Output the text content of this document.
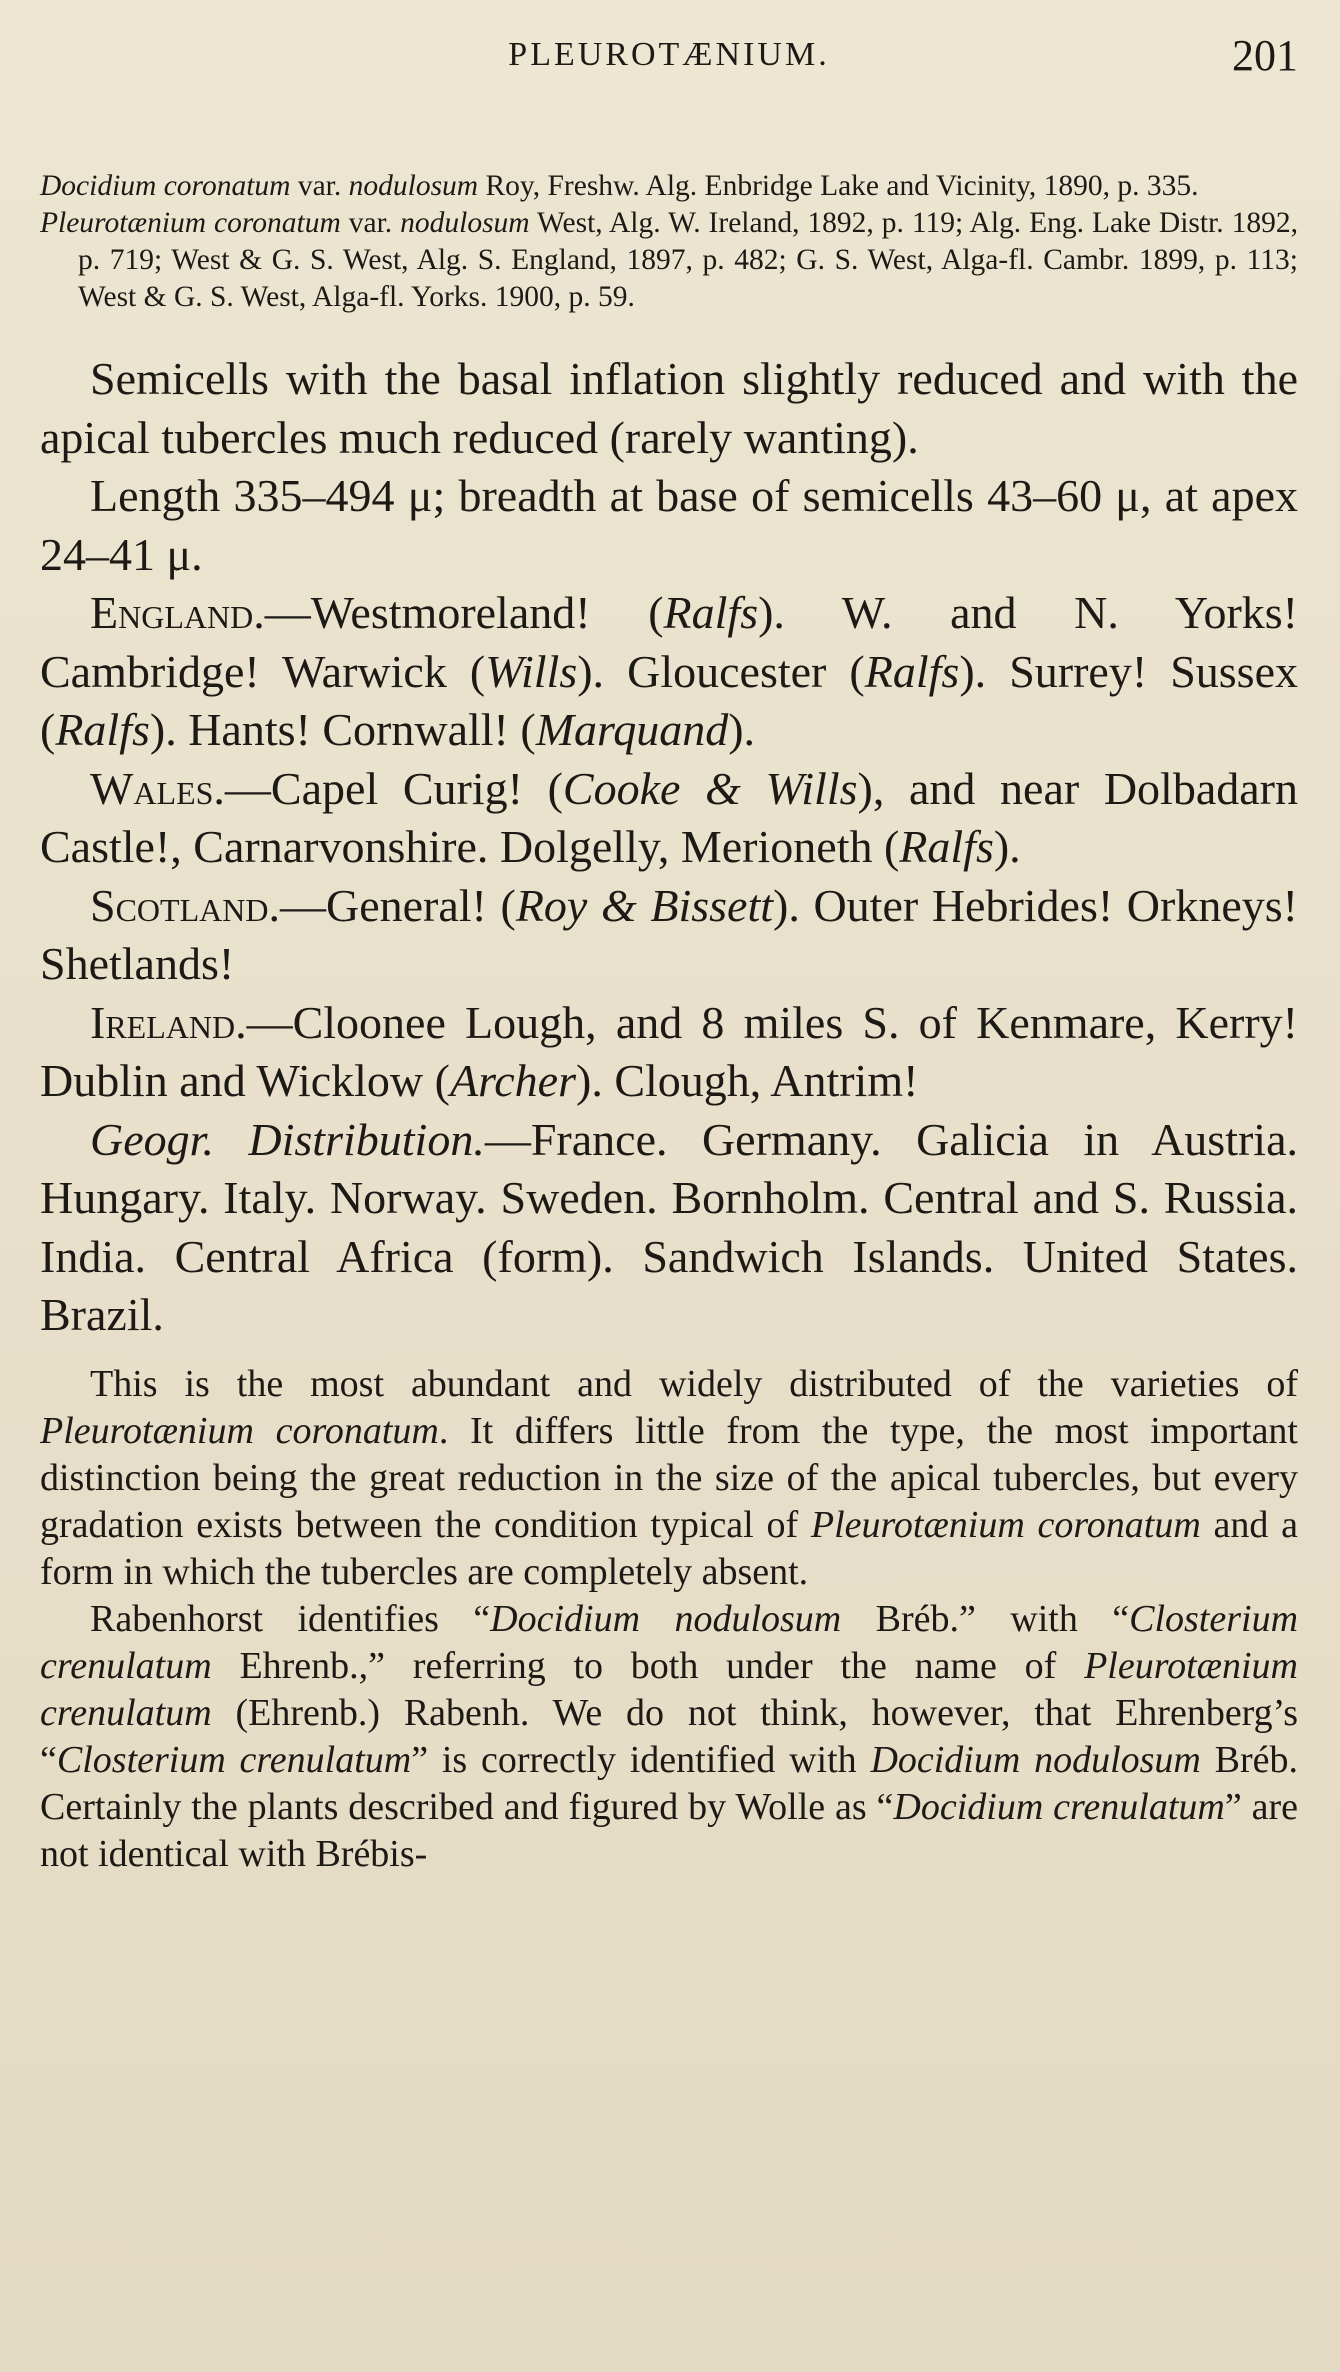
PLEUROTÆNIUM.	201

Docidium coronatum var. nodulosum Roy, Freshw. Alg. Enbridge Lake and Vicinity, 1890, p. 335.

Pleurotænium coronatum var. nodulosum West, Alg. W. Ireland, 1892, p. 119; Alg. Eng. Lake Distr. 1892, p. 719; West & G. S. West, Alg. S. England, 1897, p. 482; G. S. West, Alga-fl. Cambr. 1899, p. 113; West & G. S. West, Alga-fl. Yorks. 1900, p. 59.

Semicells with the basal inflation slightly reduced and with the apical tubercles much reduced (rarely wanting).

Length 335–494 μ; breadth at base of semicells 43–60 μ, at apex 24–41 μ.

England.—Westmoreland! (Ralfs). W. and N. Yorks! Cambridge! Warwick (Wills). Gloucester (Ralfs). Surrey! Sussex (Ralfs). Hants! Cornwall! (Marquand).

Wales.—Capel Curig! (Cooke & Wills), and near Dolbadarn Castle!, Carnarvonshire. Dolgelly, Merioneth (Ralfs).

Scotland.—General! (Roy & Bissett). Outer Hebrides! Orkneys! Shetlands!

Ireland.—Cloonee Lough, and 8 miles S. of Kenmare, Kerry! Dublin and Wicklow (Archer). Clough, Antrim!

Geogr. Distribution.—France. Germany. Galicia in Austria. Hungary. Italy. Norway. Sweden. Bornholm. Central and S. Russia. India. Central Africa (form). Sandwich Islands. United States. Brazil.

This is the most abundant and widely distributed of the varieties of Pleurotænium coronatum. It differs little from the type, the most important distinction being the great reduction in the size of the apical tubercles, but every gradation exists between the condition typical of Pleurotænium coronatum and a form in which the tubercles are completely absent.

Rabenhorst identifies “Docidium nodulosum Bréb.” with “Closterium crenulatum Ehrenb.,” referring to both under the name of Pleurotænium crenulatum (Ehrenb.) Rabenh. We do not think, however, that Ehrenberg’s “Closterium crenulatum” is correctly identified with Docidium nodulosum Bréb. Certainly the plants described and figured by Wolle as “Docidium crenulatum” are not identical with Brébis-
